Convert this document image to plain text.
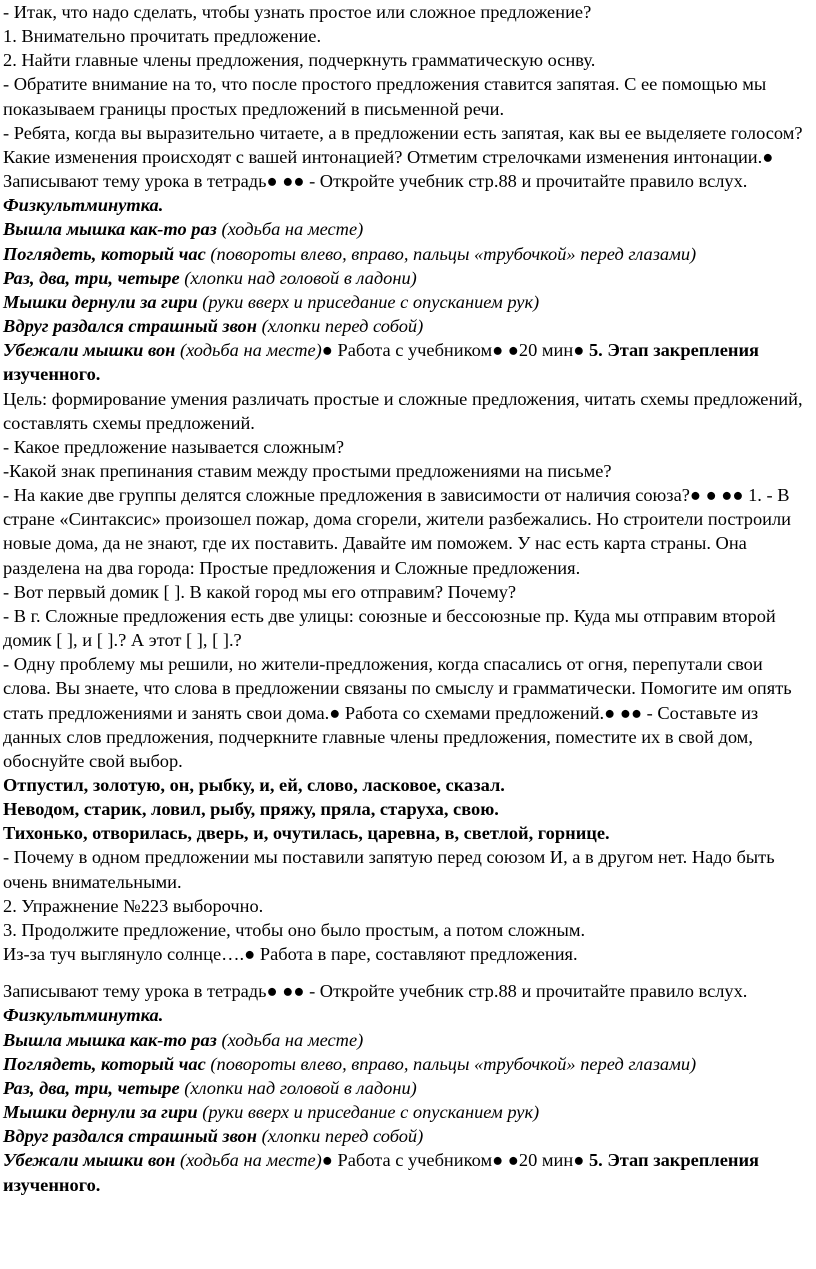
- Итак, что надо сделать, чтобы узнать простое или сложное предложение?

1. Внимательно прочитать предложение.

2. Найти главные члены предложения, подчеркнуть грамматическую оснву.

- Обратите внимание на то, что после простого предложения ставится запятая. С ее помощью мы показываем границы простых предложений в письменной речи.

- Ребята, когда вы выразительно читаете, а в предложении есть запятая, как вы ее выделяете голосом? Какие изменения происходят с вашей интонацией? Отметим стрелочками изменения интонации.● Записывают тему урока в тетрадь● ●● - Откройте учебник стр.88 и прочитайте правило вслух.

Физкультминутка.

Вышла мышка как-то раз (ходьба на месте)

Поглядеть, который час (повороты влево, вправо, пальцы «трубочкой» перед глазами)

Раз, два, три, четыре (хлопки над головой в ладони)

Мышки дернули за гири (руки вверх и приседание с опусканием рук)

Вдруг раздался страшный звон (хлопки перед собой)

Убежали мышки вон (ходьба на месте)● Работа с учебником● ●20 мин● 5. Этап закрепления изученного.

Цель: формирование умения различать простые и сложные предложения, читать схемы предложений, составлять схемы предложений.

- Какое предложение называется сложным?

-Какой знак препинания ставим между простыми предложениями на письме?

- На какие две группы делятся сложные предложения в зависимости от наличия союза?● ● ●● 1. - В стране «Синтаксис» произошел пожар, дома сгорели, жители разбежались. Но строители построили новые дома, да не знают, где их поставить. Давайте им поможем. У нас есть карта страны. Она разделена на два города: Простые предложения и Сложные предложения.

- Вот первый домик [ ]. В какой город мы его отправим? Почему?

- В г. Сложные предложения есть две улицы: союзные и бессоюзные пр. Куда мы отправим второй домик [ ], и [ ].? А этот [ ], [ ].?

- Одну проблему мы решили, но жители-предложения, когда спасались от огня, перепутали свои слова. Вы знаете, что слова в предложении связаны по смыслу и грамматически. Помогите им опять стать предложениями и занять свои дома.● Работа со схемами предложений.● ●● - Составьте из данных слов предложения, подчеркните главные члены предложения, поместите их в свой дом, обоснуйте свой выбор.

Отпустил, золотую, он, рыбку, и, ей, слово, ласковое, сказал.

Неводом, старик, ловил, рыбу, пряжу, пряла, старуха, свою.

Тихонько, отворилась, дверь, и, очутилась, царевна, в, светлой, горнице.

- Почему в одном предложении мы поставили запятую перед союзом И, а в другом нет. Надо быть очень внимательными.

2. Упражнение №223 выборочно.

3. Продолжите предложение, чтобы оно было простым, а потом сложным.

Из-за туч выглянуло солнце….● Работа в паре, составляют предложения.

Записывают тему урока в тетрадь● ●● - Откройте учебник стр.88 и прочитайте правило вслух.

Физкультминутка.

Вышла мышка как-то раз (ходьба на месте)

Поглядеть, который час (повороты влево, вправо, пальцы «трубочкой» перед глазами)

Раз, два, три, четыре (хлопки над головой в ладони)

Мышки дернули за гири (руки вверх и приседание с опусканием рук)

Вдруг раздался страшный звон (хлопки перед собой)

Убежали мышки вон (ходьба на месте)● Работа с учебником● ●20 мин● 5. Этап закрепления изученного.
